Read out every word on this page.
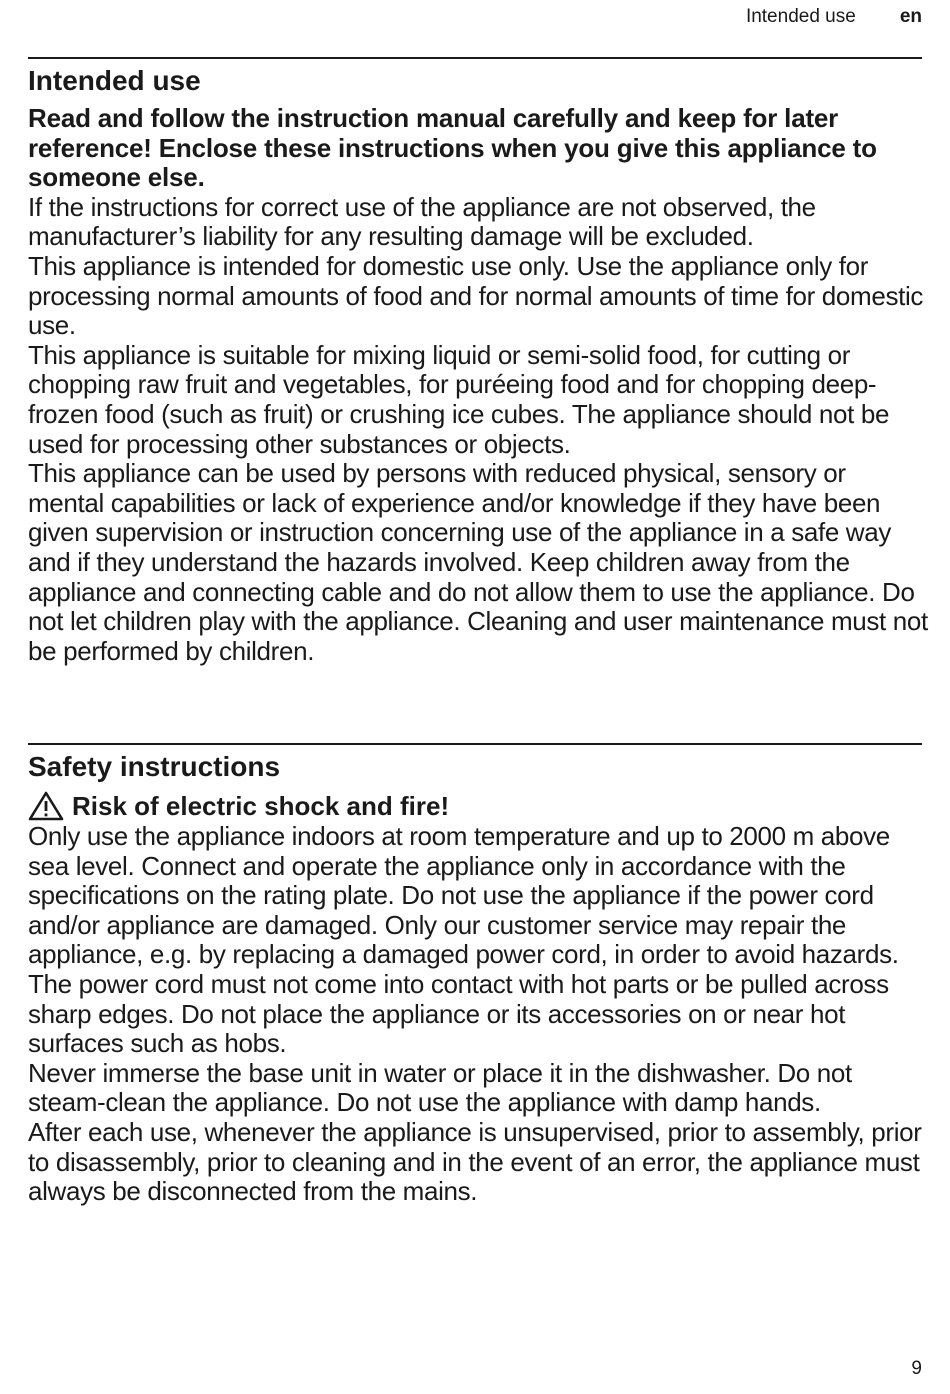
Intended use en
Intended use

Read and follow the instruction manual carefully and keep for later reference! Enclose these instructions when you give this appliance to someone else.

If the instructions for correct use of the appliance are not observed, the manufacturer’s liability for any resulting damage will be excluded.

This appliance is intended for domestic use only. Use the appliance only for processing normal amounts of food and for normal amounts of time for domestic use.

This appliance is suitable for mixing liquid or semi-solid food, for cutting or chopping raw fruit and vegetables, for puréeing food and for chopping deep-frozen food (such as fruit) or crushing ice cubes. The appliance should not be used for processing other substances or objects.

This appliance can be used by persons with reduced physical, sensory or mental capabilities or lack of experience and/or knowledge if they have been given supervision or instruction concerning use of the appliance in a safe way and if they understand the hazards involved. Keep children away from the appliance and connecting cable and do not allow them to use the appliance. Do not let children play with the appliance. Cleaning and user maintenance must not be performed by children.

Safety instructions
Risk of electric shock and fire!

Only use the appliance indoors at room temperature and up to 2000 m above sea level. Connect and operate the appliance only in accordance with the specifications on the rating plate. Do not use the appliance if the power cord and/or appliance are damaged. Only our customer service may repair the appliance, e.g. by replacing a damaged power cord, in order to avoid hazards. The power cord must not come into contact with hot parts or be pulled across sharp edges. Do not place the appliance or its accessories on or near hot surfaces such as hobs.

Never immerse the base unit in water or place it in the dishwasher. Do not steam-clean the appliance. Do not use the appliance with damp hands.

After each use, whenever the appliance is unsupervised, prior to assembly, prior to disassembly, prior to cleaning and in the event of an error, the appliance must always be disconnected from the mains.

9
